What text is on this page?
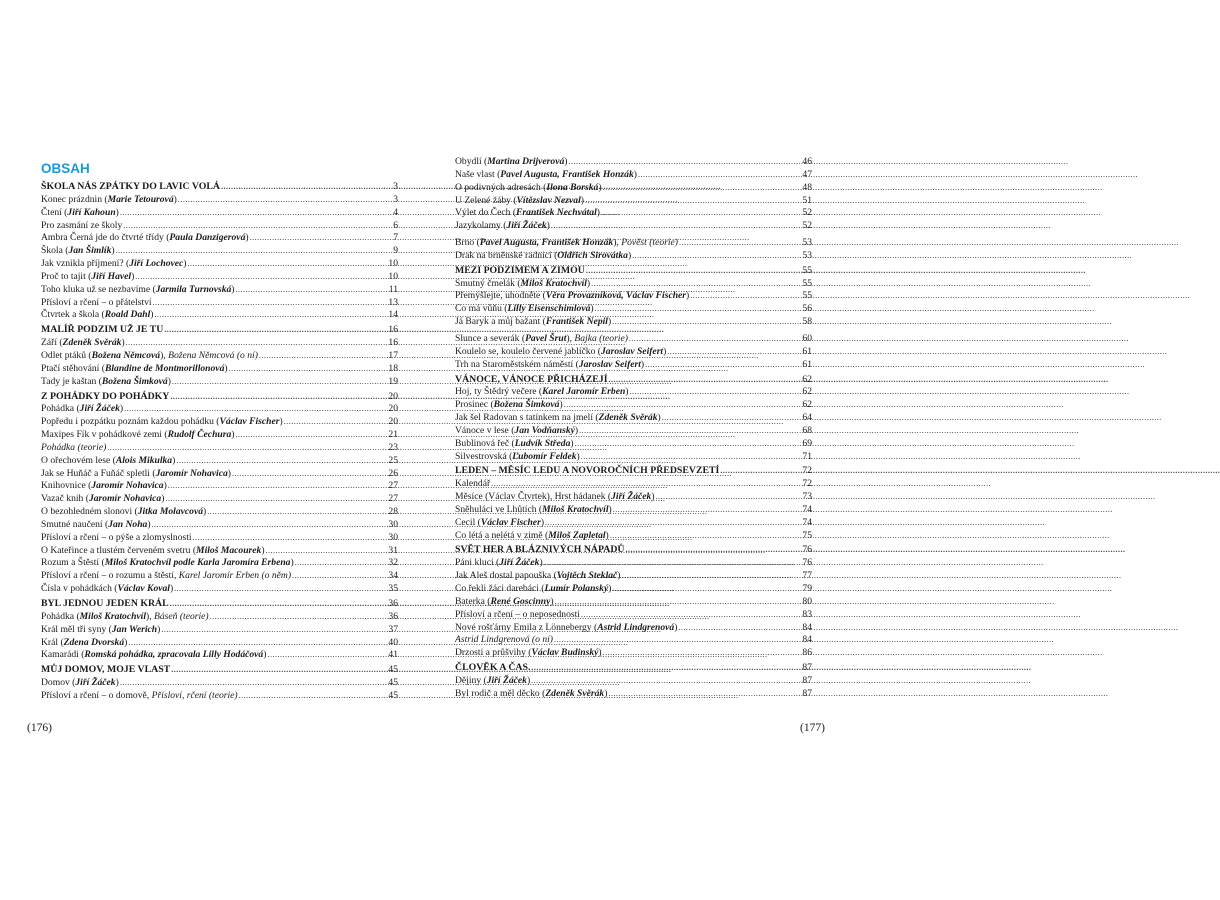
OBSAH
ŠKOLA NÁS ZPÁTKY DO LAVIC VOLÁ .....	3
Konec prázdnin (Marie Tetourová) .....	3
Čtení (Jiří Kahoun) .....	4
Pro zasmání ze školy .....	6
Ambra Černá jde do čtvrté třídy (Paula Danzigerová) .....	7
Škola (Jan Šimlík) .....	9
Jak vznikla příjmení? (Jiří Lochovec) .....	10
Proč to tajit (Jiří Havel) .....	10
Toho kluka už se nezbavíme (Jarmila Turnovská) .....	11
Přísloví a rčení – o přátelství .....	13
Čtvrtek a škola (Roald Dahl) .....	14
MALÍŘ PODZIM UŽ JE TU .....	16
Září (Zdeněk Svěrák) .....	16
Odlet ptáků (Božena Němcová), Božena Němcová (o ní) .....	17
Ptačí stěhování (Blandine de Montmorillonová) .....	18
Tady je kaštan (Božena Šimková) .....	19
Z POHÁDKY DO POHÁDKY .....	20
Pohádka (Jiří Žáček) .....	20
Popředu i pozpátku poznám každou pohádku (Václav Fischer) .....	20
Maxipes Fík v pohádkové zemi (Rudolf Čechura) .....	21
Pohádka (teorie) .....	23
O ořechovém lese (Alois Mikulka) .....	25
Jak se Huňáč a Fuňáč spletli (Jaromír Nohavica) .....	26
Knihovnice (Jaromír Nohavica) .....	27
Vazač knih (Jaromír Nohavica) .....	27
O bezohledném slonovi (Jitka Molavcová) .....	28
Smutné naučení (Jan Noha) .....	30
Přísloví a rčení – o pýše a zlomyslnosti .....	30
O Kateřince a tlustém červeném svetru (Miloš Macourek) .....	31
Rozum a Štěstí (Miloš Kratochvíl podle Karla Jaromíra Erbena) .....	32
Přísloví a rčení – o rozumu a štěstí, Karel Jaromír Erben (o něm) .....	34
Čísla v pohádkách (Václav Koval) .....	35
BYL JEDNOU JEDEN KRÁL .....	36
Pohádka (Miloš Kratochvíl), Báseň (teorie) .....	36
Král měl tři syny (Jan Werich) .....	37
Král (Zdena Dvorská) .....	40
Kamarádi (Romská pohádka, zpracovala Lilly Hodáčová) .....	41
MŮJ DOMOV, MOJE VLAST .....	45
Domov (Jiří Žáček) .....	45
Přísloví a rčení – o domově, Přísloví, rčení (teorie) .....	45
Obydlí (Martina Drijverová) .....	46
Naše vlast (Pavel Augusta, František Honzák) .....	47
O podivných adresách (Ilona Borská) .....	48
U Zelené žáby (Vítězslav Nezval) .....	51
Výlet do Čech (František Nechvátal) .....	52
Jazykolamy (Jiří Žáček) .....	52
Brno (Pavel Augusta, František Honzák), Pověst (teorie) .....	53
Drak na brněnské radnici (Oldřich Sirovátka) .....	53
MEZI PODZIMEM A ZIMOU .....	55
Smutný čmelák (Miloš Kratochvíl) .....	55
Přemýšlejte, uhodněte (Věra Provazníková, Václav Fischer) .....	55
Co má vůňu (Lilly Eisenschimlová) .....	56
Já Baryk a můj bažant (František Nepil) .....	58
Slunce a severák (Pavel Šrut), Bajka (teorie) .....	60
Koulelo se, koulelo červené jablíčko (Jaroslav Seifert) .....	61
Trh na Staroměstském náměstí (Jaroslav Seifert) .....	61
VÁNOCE, VÁNOCE PŘICHÁZEJÍ .....	62
Hoj, ty Štědrý večere (Karel Jaromír Erben) .....	62
Prosinec (Božena Šimková) .....	62
Jak šel Radovan s tatínkem na jmelí (Zdeněk Svěrák) .....	64
Vánoce v lese (Jan Vodňanský) .....	68
Bublinová řeč (Ludvík Středa) .....	69
Silvestrovská (Ľubomír Feldek) .....	71
LEDEN – MĚSÍC LEDU A NOVOROČNÍCH PŘEDSEVZETÍ .....	72
Kalendář .....	72
Měsíce (Václav Čtvrtek), Hrst hádanek (Jiří Žáček) .....	73
Sněhuláci ve Lhůtích (Miloš Kratochvíl) .....	74
Cecil (Václav Fischer) .....	74
Co létá a nelétá v zimě (Miloš Zapletal) .....	75
SVĚT HER A BLÁZNIVÝCH NÁPADŮ .....	76
Páni kluci (Jiří Žáček) .....	76
Jak Aleš dostal papouška (Vojtěch Steklač) .....	77
Co řekli žáci darebáci (Lumír Polanský) .....	79
Baterka (René Goscinny) .....	80
Přísloví a rčení – o neposednosti .....	83
Nové rošťárny Emila z Lönnebergy (Astrid Lindgrenová) .....	84
Astrid Lindgrenová (o ní) .....	84
Drzosti a průšvihy (Václav Budinský) .....	86
ČLOVĚK A ČAS. .....	87
Dějiny (Jiří Žáček) .....	87
Byl rodič a měl děcko (Zdeněk Svěrák) .....	87
(176)	(177)
